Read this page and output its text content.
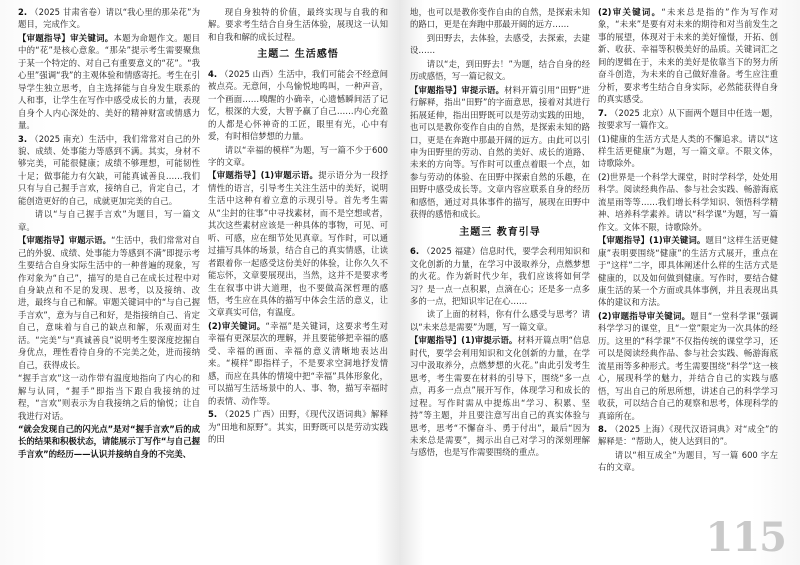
2. （2025 甘肃省卷）请以“我心里的那朵花”为题目，完成作文。

【审题指导】审关键词。本题为命题作文。题目中的“花”是核心意象。“那朵”提示考生需要聚焦于某一个特定的、对自己有重要意义的“花”。“我心里”强调“我”的主观体验和情感寄托。考生在引导学生独立思考，自主选择能与自身发生联系的人和事，让学生在写作中感受成长的力量，表现自身个人内心深处的、美好的精神财富或情感力量。

3. （2025 南充）生活中，我们常常对自己的外貌、成绩、处事能力等感到不满。其实，身材不够完美，可能很健康；成绩不够理想，可能韧性十足；做事能力有欠缺，可能真诚善良……我们只有与自己握手言欢，接纳自己，肯定自己，才能创造更好的自己，成就更加完美的自己。

请以“与自己握手言欢”为题目，写一篇文章。

【审题指导】审题示语。“生活中，我们常常对自己的外貌、成绩、处事能力等感到不满”即提示考生要结合自身实际生活中的一种普遍的现象，写作对象为“自己”，描写的是自己在成长过程中对自身缺点和不足的发现、思考，以及接纳、改进，最终与自己和解。审题关键词中的“与自己握手言欢”，意为与自己和好，是指接纳自己、肯定自己，意味着与自己的缺点和解，乐观面对生活。“完美”与“真诚善良”说明考生要深度挖掘自身优点，理性看待自身的不完美之处，进而接纳自己，获得成长。

“握手言欢”这一动作带有温度地指向了内心的和解与认同，“握手”即指当下跟自我接纳的过程，“言欢”则表示为自我接纳之后的愉悦；让自我进行对话。

“就会发现自己的闪光点”是对“握手言欢”后的成长的结果和积极状态，请能展示丁写作“与自己握手言欢”的经历——认识并接纳自身的不完美、

现自身独特的价值，最终实现与自我的和解。要求考生结合自身生活体验，展现这一认知和自我和解的成长过程。

主题二 生活感悟

4. （2025 山西）生活中，我们可能会不经意间被点亮。无意间，小鸟愉悦地鸣叫，一种声音，一个画面……嗅醒的小确幸，心遗憾瞬间活了记忆，根深的大爱，大智予赢了自己……内心充盈的人都是心怀神奇的工匠，眼里有光，心中有爱，有时相信梦想的力量。

请以“幸福的模样”为题，写一篇不少于600字的文章。

【审题指导】(1)审题示语。提示语分为一段抒情性的语言，引导考生关注生活中的美好，说明生活中这种有着立意的示现引导。首先考生需从“尘封的往事”中寻找素材，而不是空想或者，其次这些素材应该是一种具体的事物，可见、可听、可感，应在细节处见真章。写作时，可以通过描写具体的场景，结合自己的真实情感，让读者跟着你一起感受这份美好的体验，让你久久不能忘怀，文章要展现出，当然，这并不是要求考生在叙事中讲大道理，也不要做高深哲理的感悟，考生应在具体的描写中体会生活的意义，让文章真实可信，有温度。

(2)审关键词。“幸福”是关键词，这要求考生对幸福有更深层次的理解，并且要能够把幸福的感受、幸福的画面、幸福的意义清晰地表达出来。“模样”即指样子，不是要求空洞地抒发情感，而应在具体的情境中把“幸福”具体形象化，可以描写生活场景中的人、事、物，描写幸福时的表情、动作等。

5. （2025 广西）田野，《现代汉语词典》解释为“田地和原野”。其实，田野既可以是劳动实践的田

地，也可以是教你变作自由的自然，是探索未知的路口，更是在奔跑中那最开阔的远方……

到田野去，去体验，去感受，去探索，去建设……

请以“走，到田野去！”为题，结合自身的经历或感悟，写一篇记叙文。

【审题指导】审提示语。材料开篇引用“田野”进行解释，指出“田野”的字面意思，接着对其进行拓展延伸，指出田野既可以是劳动实践的田地，也可以是教你变作自由的自然，是探索未知的路口，更是在奔跑中那最开阔的远方。由此可以引申为田野里的劳动、自然的美好、成长的道路、未来的方向等。写作时可以重点着眼一个点，如参与劳动的体验、在田野中探索自然的乐趣，在田野中感受成长等。文章内容应联系自身的经历和感悟，通过对具体事件的描写，展现在田野中获得的感悟和成长。

主题三 教育引导

6. （2025 福建）信息时代，要学会利用知识和文化创新的力量，在学习中汲取养分，点燃梦想的火花。作为新时代少年，我们应该将如何学习？是一点一点积累，点滴在心；还是多一点多多的一点，把知识牢记在心……

读了上面的材料，你有什么感受与思考？请以“未来总是需要”为题，写一篇文章。

【审题指导】(1)审提示语。材料开篇点明“信息时代，要学会利用知识和文化创新的力量，在学习中汲取养分，点燃梦想的火花。”由此引发考生思考，考生需要在材料的引导下，围绕“多一点点，再多一点点”展开写作，体现学习和成长的过程。写作时需从中提炼出“学习、积累、坚持”等主题，并且要注意写出自己的真实体验与思考，思考“不懈奋斗、勇于付出”，最后“因为未来总是需要”，揭示出自己对学习的深刻理解与感悟，也是写作需要围绕的重点。

(2)审关键词。“未来总是指的”作为写作对象，“未来”是要有对未来的期待和对当前发生之事的展望，体现对于未来的美好憧憬，开拓、创新、收获、幸福等积极美好的品质。关键词汇之间的逻辑在于，未来的美好是依靠当下的努力所奋斗创造，为未来的自己做好准备。考生应注重分析，要求考生结合自身实际，必然能获得自身的真实感受。

7. （2025 北京）从下面两个题目中任选一题，按要求写一篇作文。

(1)健康的生活方式是人类的不懈追求。请以“这样生活更健康”为题，写一篇文章。不限文体，诗歌除外。

(2)世界是一个科学大课堂，时时学科学，处处用科学。阅读经典作品、参与社会实践、畅游海底流星雨等等……我们增长科学知识、领悟科学精神、培养科学素养。请以“科学课”为题，写一篇作文。文体不限，诗歌除外。

【审题指导】(1)审关键词。题目“这样生活更健康”表明要围绕“健康”的生活方式展开，重点在于“这样”二字，即具体阐述什么样的生活方式是健康的，以及如何做到健康。写作时，要结合健康生活的某一个方面或具体事例，并且表现出具体的建议和方法。

(2)审题指导审关键词。题目“一堂科学课”强调科学学习的课堂，且“一堂”限定为一次具体的经历。这里的“科学课”不仅指传统的课堂学习，还可以是阅读经典作品、参与社会实践、畅游海底流星雨等多种形式。考生需要围绕“科学”这一核心，展现科学的魅力，并结合自己的实践与感悟，写出自己的所思所想，讲述自己的科学学习收获，可以结合自己的观察和思考，体现科学的真谛所在。

8. （2025 上海）《现代汉语词典》对“成全”的解释是：“帮助人，使人达到目的”。

请以“相互成全”为题目，写一篇 600 字左右的文章。

115
